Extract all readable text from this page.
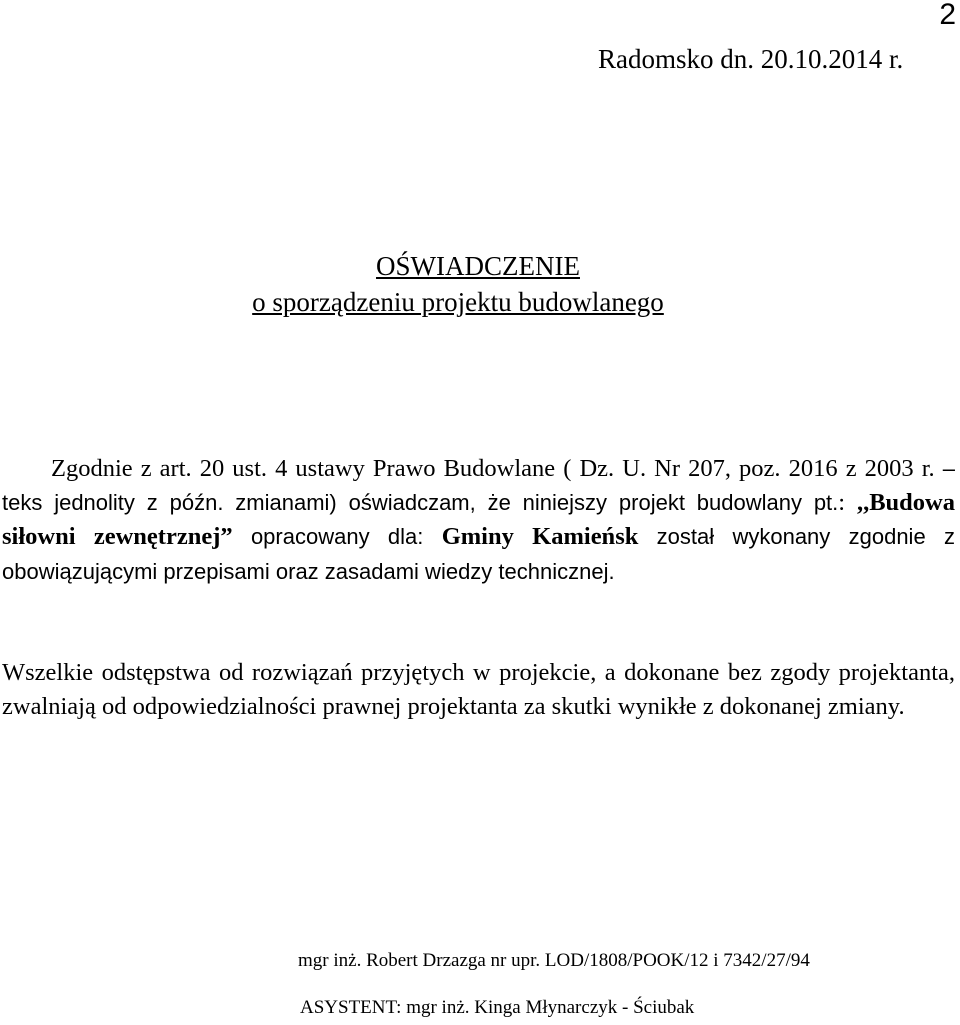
2
Radomsko dn. 20.10.2014 r.
OŚWIADCZENIE
o sporządzeniu projektu budowlanego
Zgodnie z art. 20 ust. 4 ustawy Prawo Budowlane ( Dz. U. Nr 207, poz. 2016 z 2003 r. – teks jednolity z późn. zmianami) oświadczam, że niniejszy projekt budowlany pt.: ,,Budowa siłowni zewnętrznej” opracowany dla: Gminy Kamieńsk został wykonany zgodnie z obowiązującymi przepisami oraz zasadami wiedzy technicznej.
Wszelkie odstępstwa od rozwiązań przyjętych w projekcie, a dokonane bez zgody projektanta, zwalniają od odpowiedzialności prawnej projektanta za skutki wynikłe z dokonanej zmiany.
mgr inż. Robert Drzazga nr upr. LOD/1808/POOK/12 i 7342/27/94
ASYSTENT: mgr inż. Kinga Młynarczyk - Ściubak
